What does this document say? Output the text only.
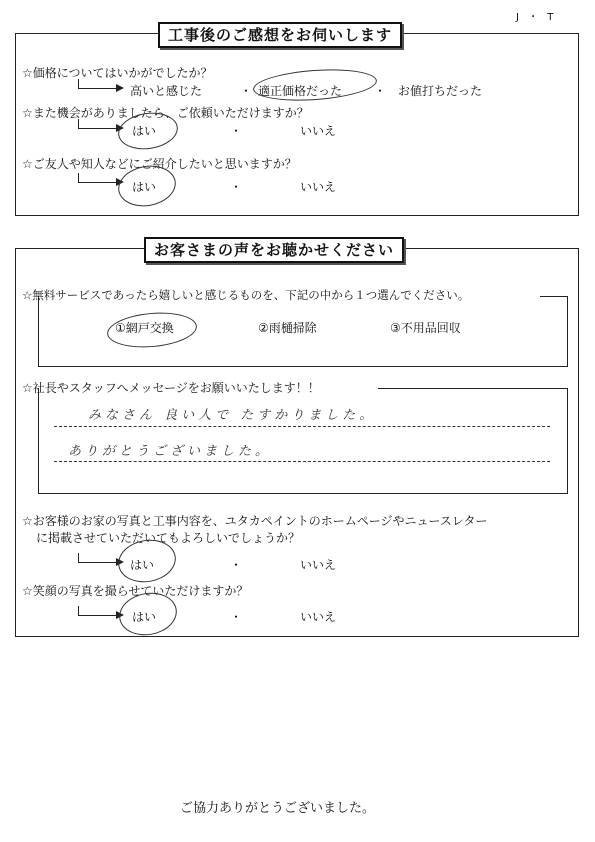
J ・ T
工事後のご感想をお伺いします
☆価格についてはいかがでしたか？
高いと感じた	・ 適正価格だった	・ お値打ちだった
☆また機会がありましたら、ご依頼いただけますか？
はい	・	いいえ
☆ご友人や知人などにご紹介したいと思いますか？
はい	・	いいえ
お客さまの声をお聴かせください
☆無料サービスであったら嬉しいと感じるものを、下記の中から１つ選んでください。
①網戸交換	②雨樋掃除	③不用品回収
☆社長やスタッフへメッセージをお願いいたします！！
みなさん 良い人で たすかりました。
ありがとうございました。
☆お客様のお家の写真と工事内容を、ユタカペイントのホームページやニュースレター
に掲載させていただいてもよろしいでしょうか？
はい	・	いいえ
☆笑顔の写真を撮らせていただけますか？
はい	・	いいえ
ご協力ありがとうございました。
